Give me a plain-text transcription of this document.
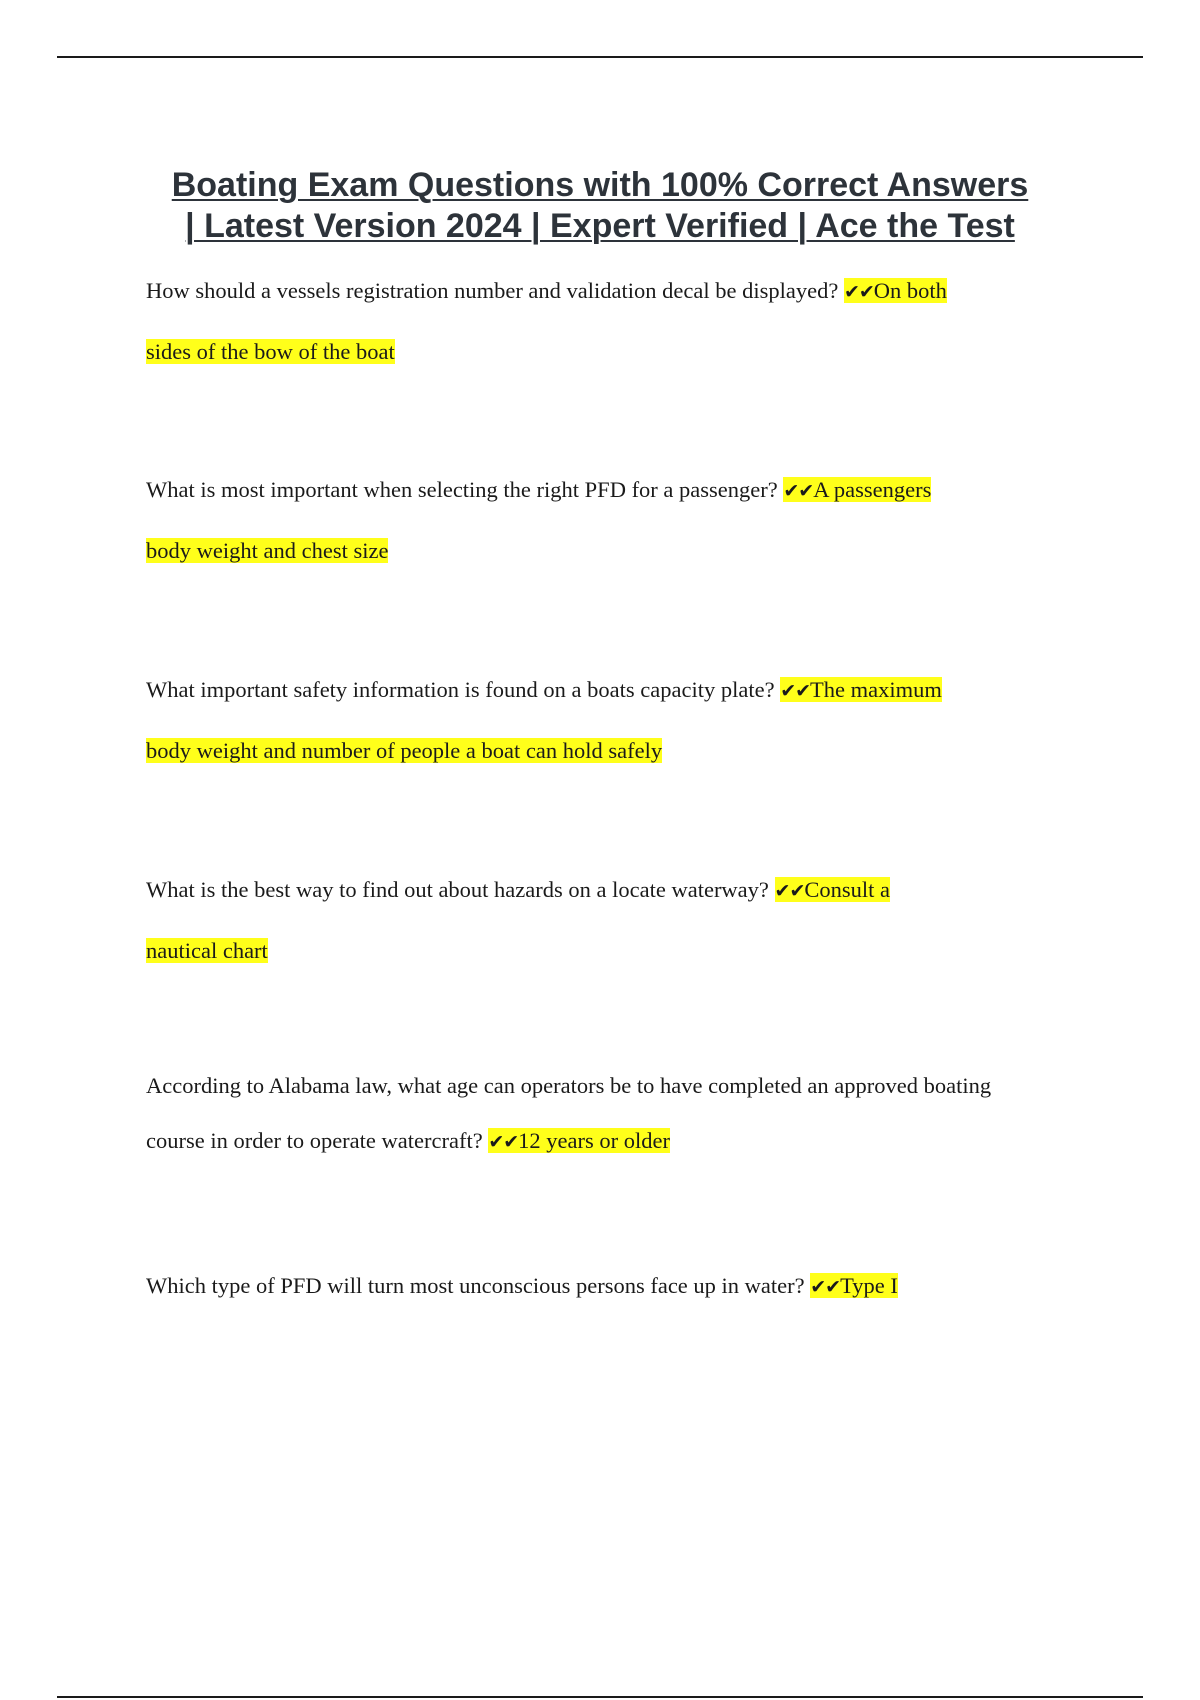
Boating Exam Questions with 100% Correct Answers
| Latest Version 2024 | Expert Verified | Ace the Test
How should a vessels registration number and validation decal be displayed? ✔✔On both
sides of the bow of the boat
What is most important when selecting the right PFD for a passenger? ✔✔A passengers
body weight and chest size
What important safety information is found on a boats capacity plate? ✔✔The maximum
body weight and number of people a boat can hold safely
What is the best way to find out about hazards on a locate waterway? ✔✔Consult a
nautical chart
According to Alabama law, what age can operators be to have completed an approved boating
course in order to operate watercraft? ✔✔12 years or older
Which type of PFD will turn most unconscious persons face up in water? ✔✔Type I
